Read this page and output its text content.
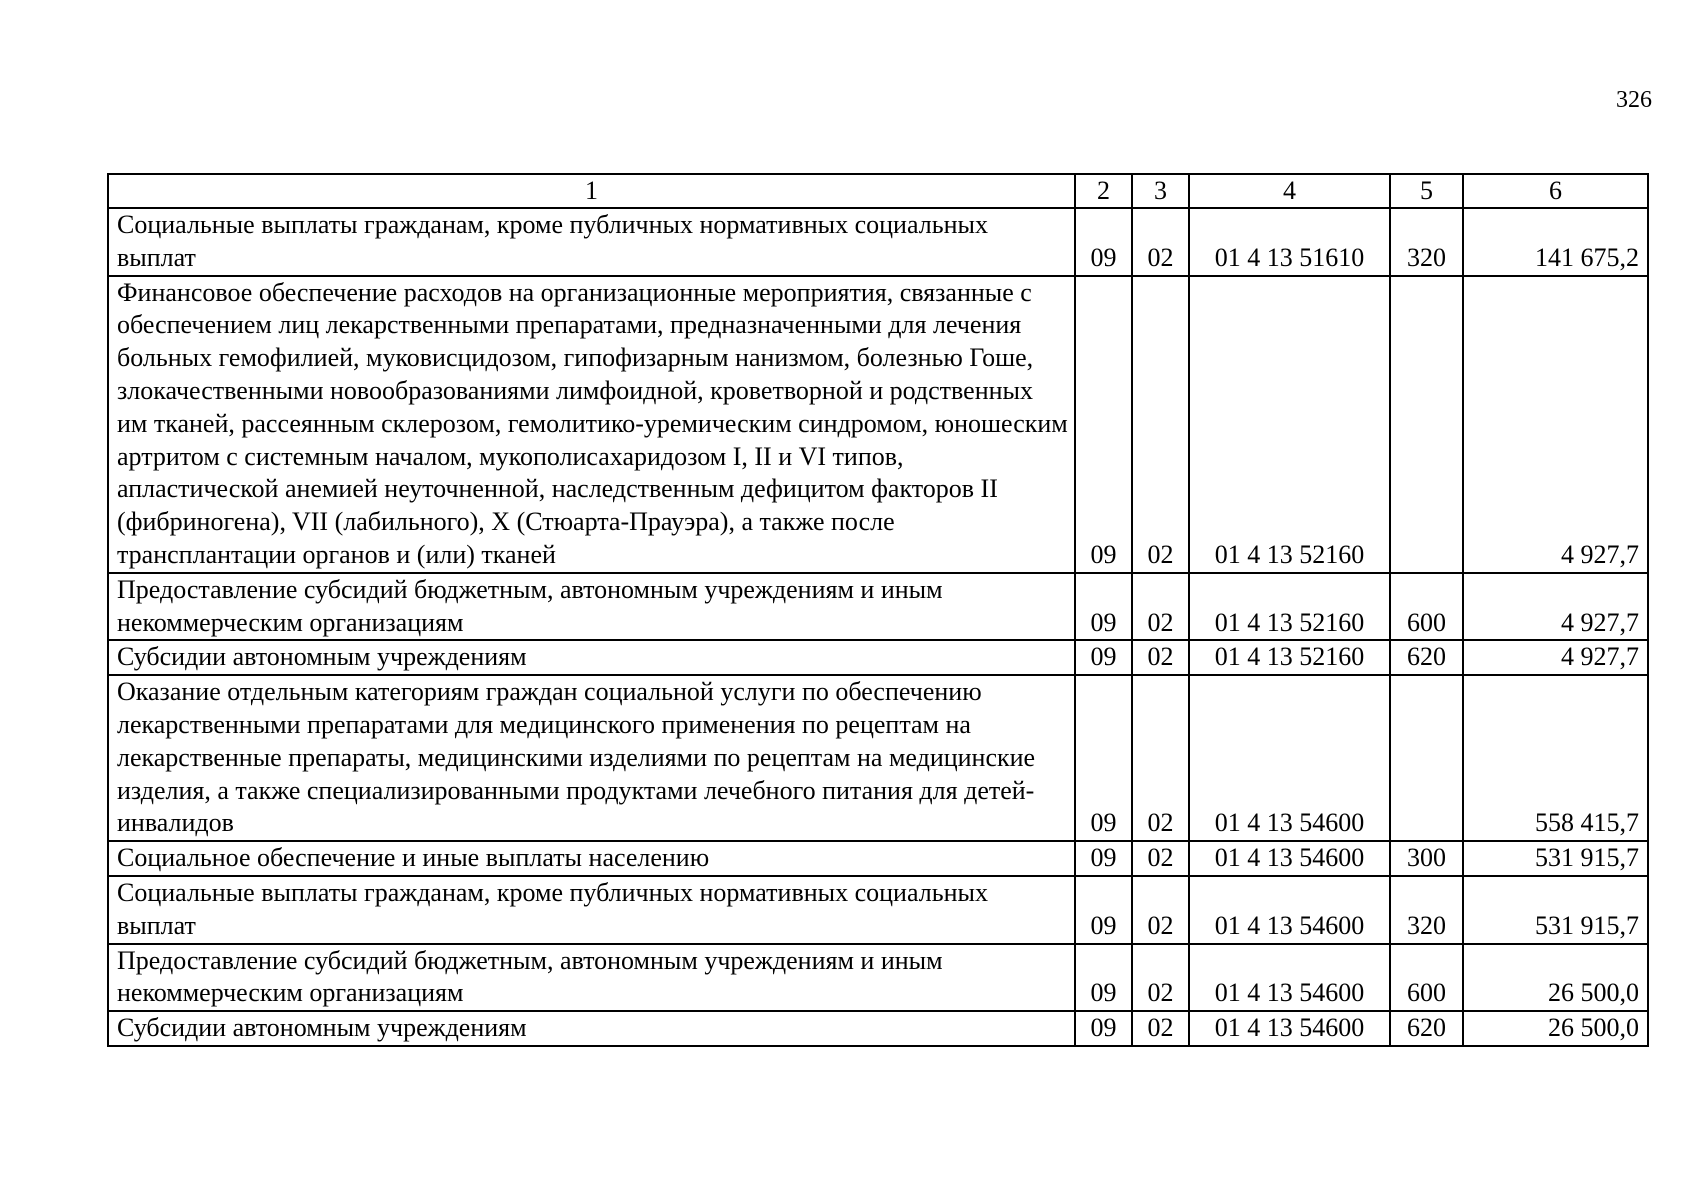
326
1	2	3	4	5	6
Социальные выплаты гражданам, кроме публичных нормативных социальных выплат	09	02	01 4 13 51610	320	141 675,2
Финансовое обеспечение расходов на организационные мероприятия, связанные с обеспечением лиц лекарственными препаратами, предназначенными для лечения больных гемофилией, муковисцидозом, гипофизарным нанизмом, болезнью Гоше, злокачественными новообразованиями лимфоидной, кроветворной и родственных им тканей, рассеянным склерозом, гемолитико-уремическим синдромом, юношеским артритом с системным началом, мукополисахаридозом I, II и VI типов, апластической анемией неуточненной, наследственным дефицитом факторов II (фибриногена), VII (лабильного), X (Стюарта-Прауэра), а также после трансплантации органов и (или) тканей	09	02	01 4 13 52160		4 927,7
Предоставление субсидий бюджетным, автономным учреждениям и иным некоммерческим организациям	09	02	01 4 13 52160	600	4 927,7
Субсидии автономным учреждениям	09	02	01 4 13 52160	620	4 927,7
Оказание отдельным категориям граждан социальной услуги по обеспечению лекарственными препаратами для медицинского применения по рецептам на лекарственные препараты, медицинскими изделиями по рецептам на медицинские изделия, а также специализированными продуктами лечебного питания для детей-инвалидов	09	02	01 4 13 54600		558 415,7
Социальное обеспечение и иные выплаты населению	09	02	01 4 13 54600	300	531 915,7
Социальные выплаты гражданам, кроме публичных нормативных социальных выплат	09	02	01 4 13 54600	320	531 915,7
Предоставление субсидий бюджетным, автономным учреждениям и иным некоммерческим организациям	09	02	01 4 13 54600	600	26 500,0
Субсидии автономным учреждениям	09	02	01 4 13 54600	620	26 500,0
